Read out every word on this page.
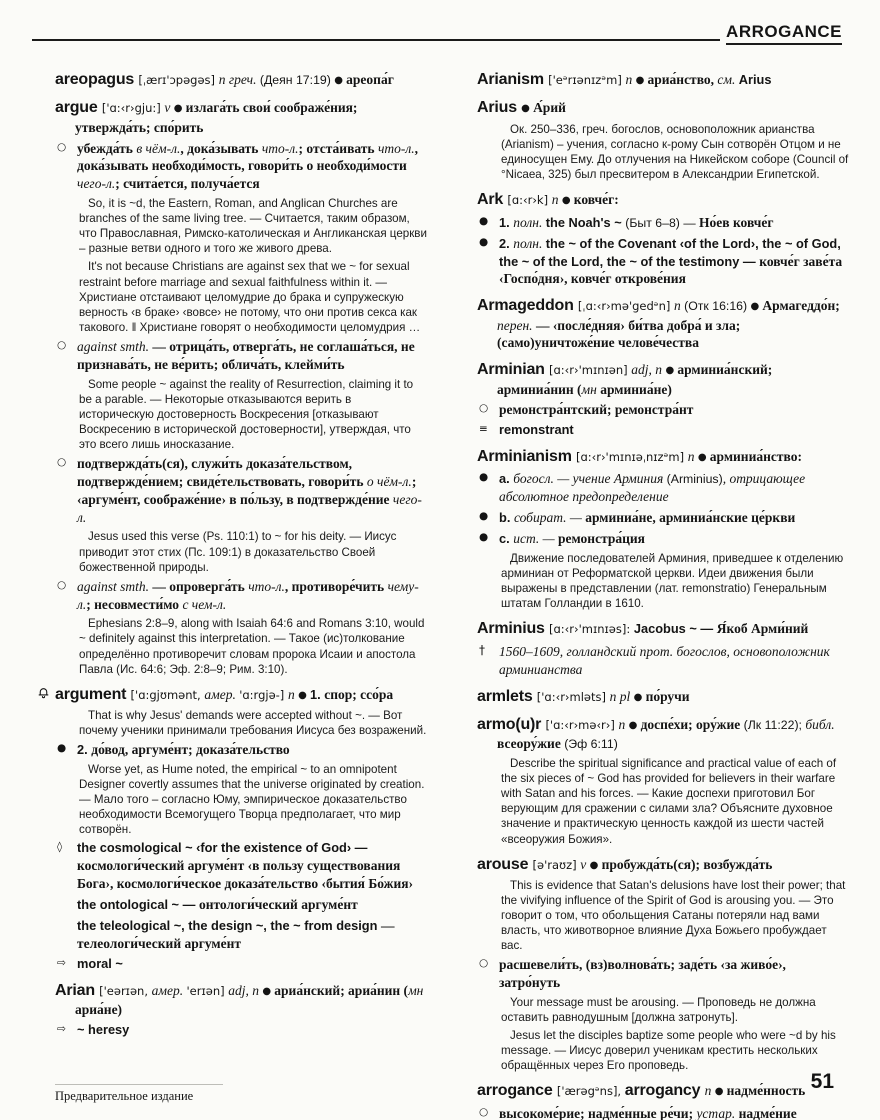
ARROGANCE
areopagus [ˌærɪ'ɔpəgəs] n греч. (Деян 17:19) ● ареопа́г
argue ['ɑ:‹r›gju:] v ● излага́ть свои́ соображе́ния; утвержда́ть; спо́рить
○ убежда́ть в чём-л., дока́зывать что-л.; отста́ивать что-л., дока́зывать необходи́мость, говори́ть о необходи́мости чего-л.; счита́ется, получа́ется
So, it is ~d, the Eastern, Roman, and Anglican Churches are branches of the same living tree. — Считается, таким образом, что Православная, Римско-католическая и Англиканская церкви – разные ветви одного и того же живого древа.
It's not because Christians are against sex that we ~ for sexual restraint before marriage and sexual faithfulness within it. — Христиане отстаивают целомудрие до брака и супружескую верность ‹в браке› ‹вовсе› не потому, что они против секса как такового. ‖ Христиане говорят о необходимости целомудрия …
○ against smth. — отрица́ть, отверга́ть, не соглаша́ться, не признава́ть, не ве́рить; облича́ть, клейми́ть
Some people ~ against the reality of Resurrection, claiming it to be a parable. — Некоторые отказываются верить в историческую достоверность Воскресения [отказывают Воскресению в исторической достоверности], утверждая, что это всего лишь иносказание.
○ подтвержда́ть(ся), служи́ть доказа́тельством, подтвержде́нием; свиде́тельствовать, говори́ть о чём-л.; ‹аргуме́нт, соображе́ние› в по́льзу, в подтвержде́ние чего-л.
Jesus used this verse (Ps. 110:1) to ~ for his deity. — Иисус приводит этот стих (Пс. 109:1) в доказательство Своей божественной природы.
○ against smth. — опроверга́ть что-л., противоре́чить чему-л.; несовмести́мо с чем-л.
Ephesians 2:8–9, along with Isaiah 64:6 and Romans 3:10, would ~ definitely against this interpretation. — Такое (ис)толкование определённо противоречит словам пророка Исаии и апостола Павла (Ис. 64:6; Эф. 2:8–9; Рим. 3:10).
argument ['ɑ:gjʊmənt, амер. 'ɑ:rgjə-] n ● 1. спор; ссо́ра
That is why Jesus' demands were accepted without ~. — Вот почему ученики принимали требования Иисуса без возражений.
● 2. до́вод, аргуме́нт; доказа́тельство
Worse yet, as Hume noted, the empirical ~ to an omnipotent Designer covertly assumes that the universe originated by creation. — Мало того – согласно Юму, эмпирическое доказательство необходимости Всемогущего Творца предполагает, что мир сотворён.
◊ the cosmological ~ ‹for the existence of God› — космологи́ческий аргуме́нт ‹в пользу существования Бога›, космологи́ческое доказа́тельство ‹бытия́ Бо́жия›
the ontological ~ — онтологи́ческий аргуме́нт
the teleological ~, the design ~, the ~ from design — телеологи́ческий аргуме́нт
⇨ moral ~
Arian ['eərɪən, амер. 'erɪən] adj, n ● ариа́нский; ариа́нин (мн ариа́не)
⇨ ~ heresy
Arianism ['eᵊrɪənɪzᵊm] n ● ариа́нство, см. Arius
Arius ● А́рий
Ок. 250–336, греч. богослов, основоположник арианства (Arianism) – учения, согласно к-рому Сын сотворён Отцом и не единосущен Ему. До отлучения на Никейском соборе (Council of °Nicaea, 325) был пресвитером в Александрии Египетской.
Ark [ɑ:‹r›k] n ● ковче́г:
● 1. полн. the Noah's ~ (Быт 6–8) — Но́ев ковче́г
● 2. полн. the ~ of the Covenant ‹of the Lord›, the ~ of God, the ~ of the Lord, the ~ of the testimony — ковче́г заве́та ‹Госпо́дня›, ковче́г открове́ния
Armageddon [ˌɑ:‹r›mə'gedᵊn] n (Отк 16:16) ● Армагеддо́н; перен. — ‹после́дняя› би́тва добра́ и зла; (само)уничтоже́ние челове́чества
Arminian [ɑ:‹r›'mɪnɪən] adj, n ● арминиа́нский; арминиа́нин (мн арминиа́не)
○ ремонстра́нтский; ремонстра́нт
≡ remonstrant
Arminianism [ɑ:‹r›'mɪnɪəˌnɪzᵊm] n ● арминиа́нство:
● a. богосл. — учение Арминия (Arminius), отрицающее абсолютное предопределение
● b. собират. — арминиа́не, арминиа́нские це́ркви
● c. ист. — ремонстра́ция
Движение последователей Арминия, приведшее к отделению арминиан от Реформатской церкви. Идеи движения были выражены в представлении (лат. remonstratio) Генеральным штатам Голландии в 1610.
Arminius [ɑ:‹r›'mɪnɪəs]: Jacobus ~ — Я́коб Арми́ний
† 1560–1609, голландский прот. богослов, основоположник арминианства
armlets ['ɑ:‹r›mləts] n pl ● по́ручи
armo(u)r ['ɑ:‹r›mə‹r›] n ● доспе́хи; ору́жие (Лк 11:22); библ. всеору́жие (Эф 6:11)
Describe the spiritual significance and practical value of each of the six pieces of ~ God has provided for believers in their warfare with Satan and his forces. — Какие доспехи приготовил Бог верующим для сражении с силами зла? Объясните духовное значение и практическую ценность каждой из шести частей «всеоружия Божия».
arouse [ə'raʊz] v ● пробужда́ть(ся); возбужда́ть
This is evidence that Satan's delusions have lost their power; that the vivifying influence of the Spirit of God is arousing you. — Это говорит о том, что обольщения Сатаны потеряли над вами власть, что животворное влияние Духа Божьего пробуждает вас.
○ расшевели́ть, (вз)волнова́ть; заде́ть ‹за живо́е›, затро́нуть
Your message must be arousing. — Проповедь не должна оставить равнодушным [должна затронуть].
Jesus let the disciples baptize some people who were ~d by his message. — Иисус доверил ученикам крестить нескольких обращённых через Его проповедь.
arrogance ['ærəgᵊns], arrogancy n ● надме́нность
○ высокоме́рие; надме́нные ре́чи; устар. надме́ние
Предварительное издание
51
